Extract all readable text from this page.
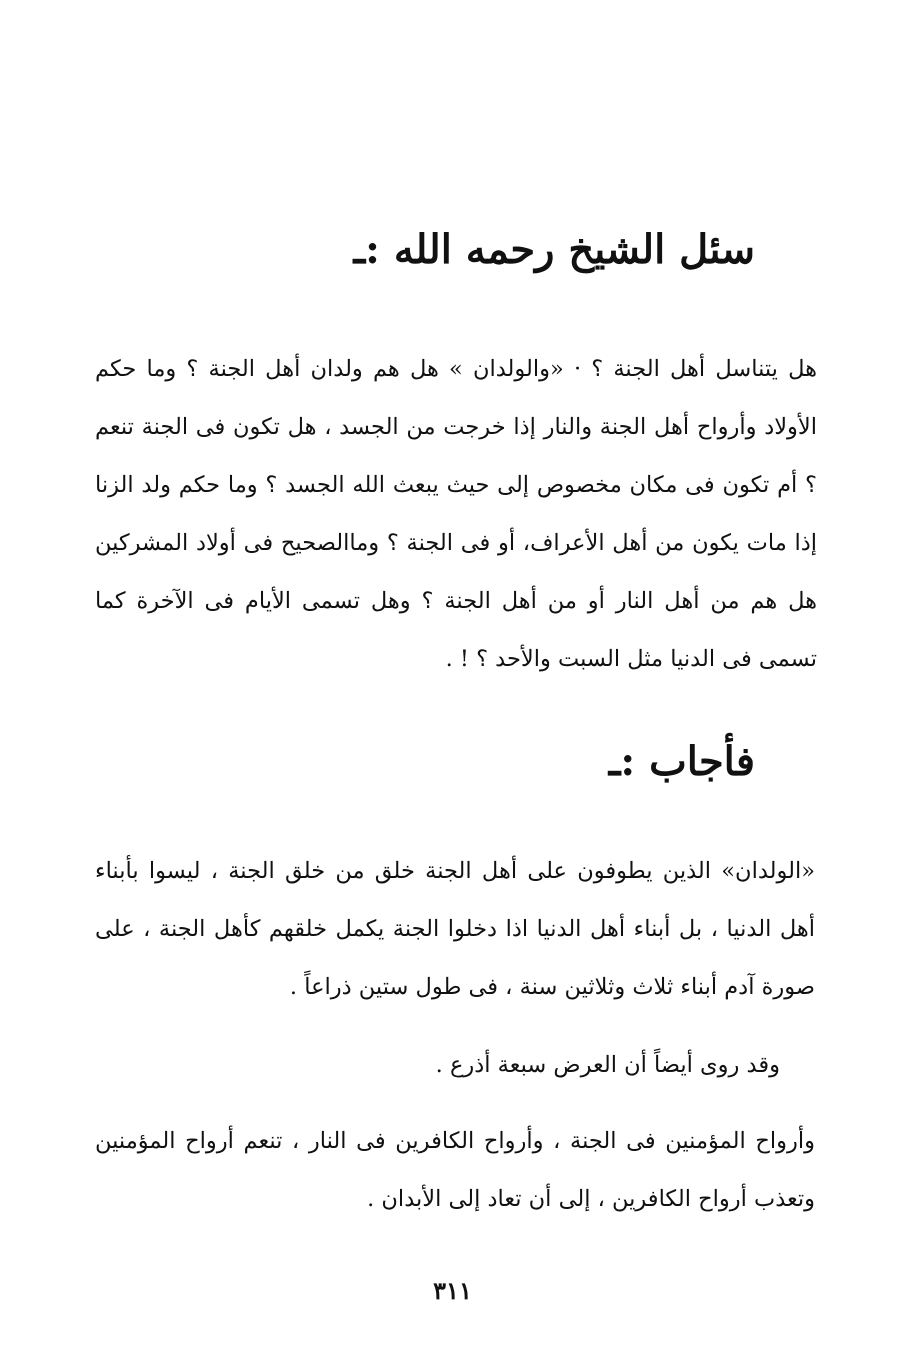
سئل الشيخ رحمه الله :ـ
هل يتناسل أهل الجنة ؟ · «والولدان » هل هم ولدان أهل الجنة ؟ وما حكم الأولاد وأرواح أهل الجنة والنار إذا خرجت من الجسد ، هل تكون فى الجنة تنعم ؟ أم تكون فى مكان مخصوص إلى حيث يبعث الله الجسد ؟ وما حكم ولد الزنا إذا مات يكون من أهل الأعراف، أو فى الجنة ؟ وماالصحيح فى أولاد المشركين هل هم من أهل النار أو من أهل الجنة ؟ وهل تسمى الأيام فى الآخرة كما تسمى فى الدنيا مثل السبت والأحد ؟ ! .
فأجاب :ـ
«الولدان» الذين يطوفون على أهل الجنة خلق من خلق الجنة ، ليسوا بأبناء أهل الدنيا ، بل أبناء أهل الدنيا اذا دخلوا الجنة يكمل خلقهم كأهل الجنة ، على صورة آدم أبناء ثلاث وثلاثين سنة ، فى طول ستين ذراعاً .
وقد روى أيضاً أن العرض سبعة أذرع .
وأرواح المؤمنين فى الجنة ، وأرواح الكافرين فى النار ، تنعم أرواح المؤمنين وتعذب أرواح الكافرين ، إلى أن تعاد إلى الأبدان .
٣١١
